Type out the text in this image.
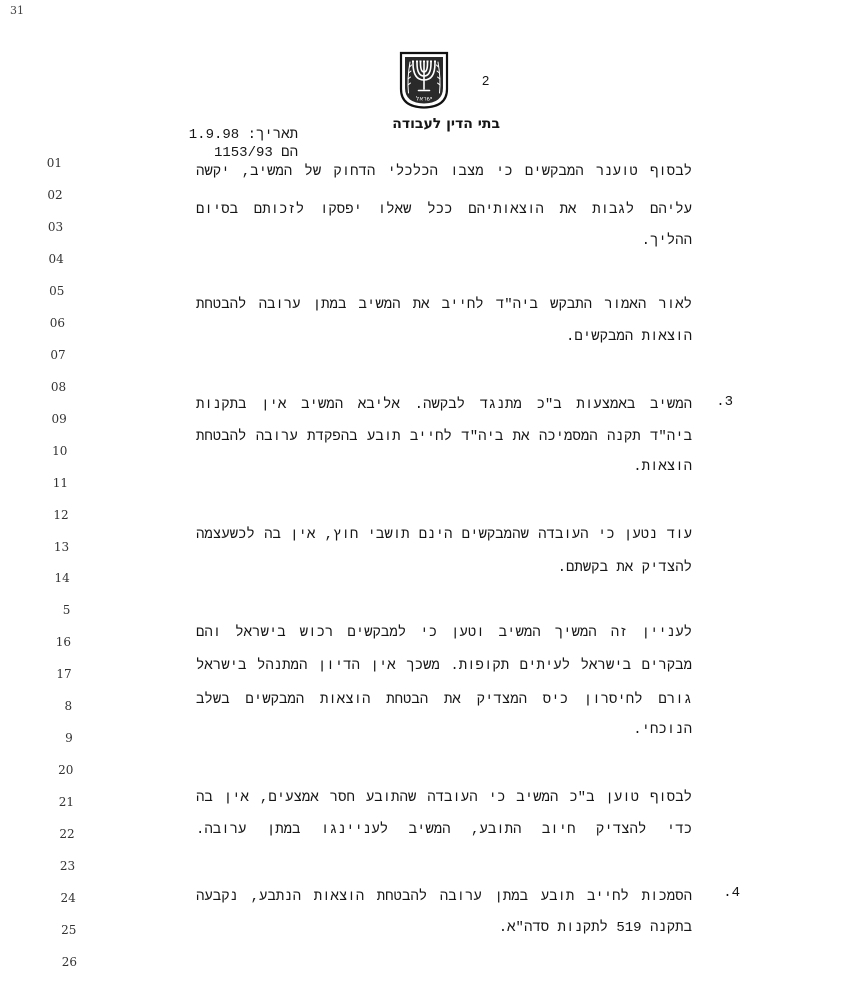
31
ישראל
2
בתי הדין לעבודה
תאריך: 1.9.98
הם 1153/93
01
02
03
04
05
06
07
08
09
10
11
12
13
14
5
16
17
8
9
20
21
22
23
24
25
26
לבסוף טוענר המבקשים כי מצבו הכלכלי הדחוק של המשיב, יקשה
עליהם לגבות את הוצאותיהם ככל שאלו יפסקו לזכותם בסיום
ההליך.
לאור האמור התבקש ביה"ד לחייב את המשיב במתן ערובה להבטחת
הוצאות המבקשים.
3.
המשיב באמצעות ב"כ מתנגד לבקשה. אליבא המשיב אין בתקנות
ביה"ד תקנה המסמיכה את ביה"ד לחייב תובע בהפקדת ערובה להבטחת
הוצאות.
עוד נטען כי העובדה שהמבקשים הינם תושבי חוץ, אין בה לכשעצמה
להצדיק את בקשתם.
לעניין זה המשיך המשיב וטען כי למבקשים רכוש בישראל והם
מבקרים בישראל לעיתים תקופות. משכך אין הדיון המתנהל בישראל
גורם לחיסרון כיס המצדיק את הבטחת הוצאות המבקשים בשלב
הנוכחי.
לבסוף טוען ב"כ המשיב כי העובדה שהתובע חסר אמצעים, אין בה
כדי להצדיק חיוב התובע, המשיב לעניינגו במתן ערובה.
4.
הסמכות לחייב תובע במתן ערובה להבטחת הוצאות הנתבע, נקבעה
בתקנה 519 לתקנות סדה"א.
